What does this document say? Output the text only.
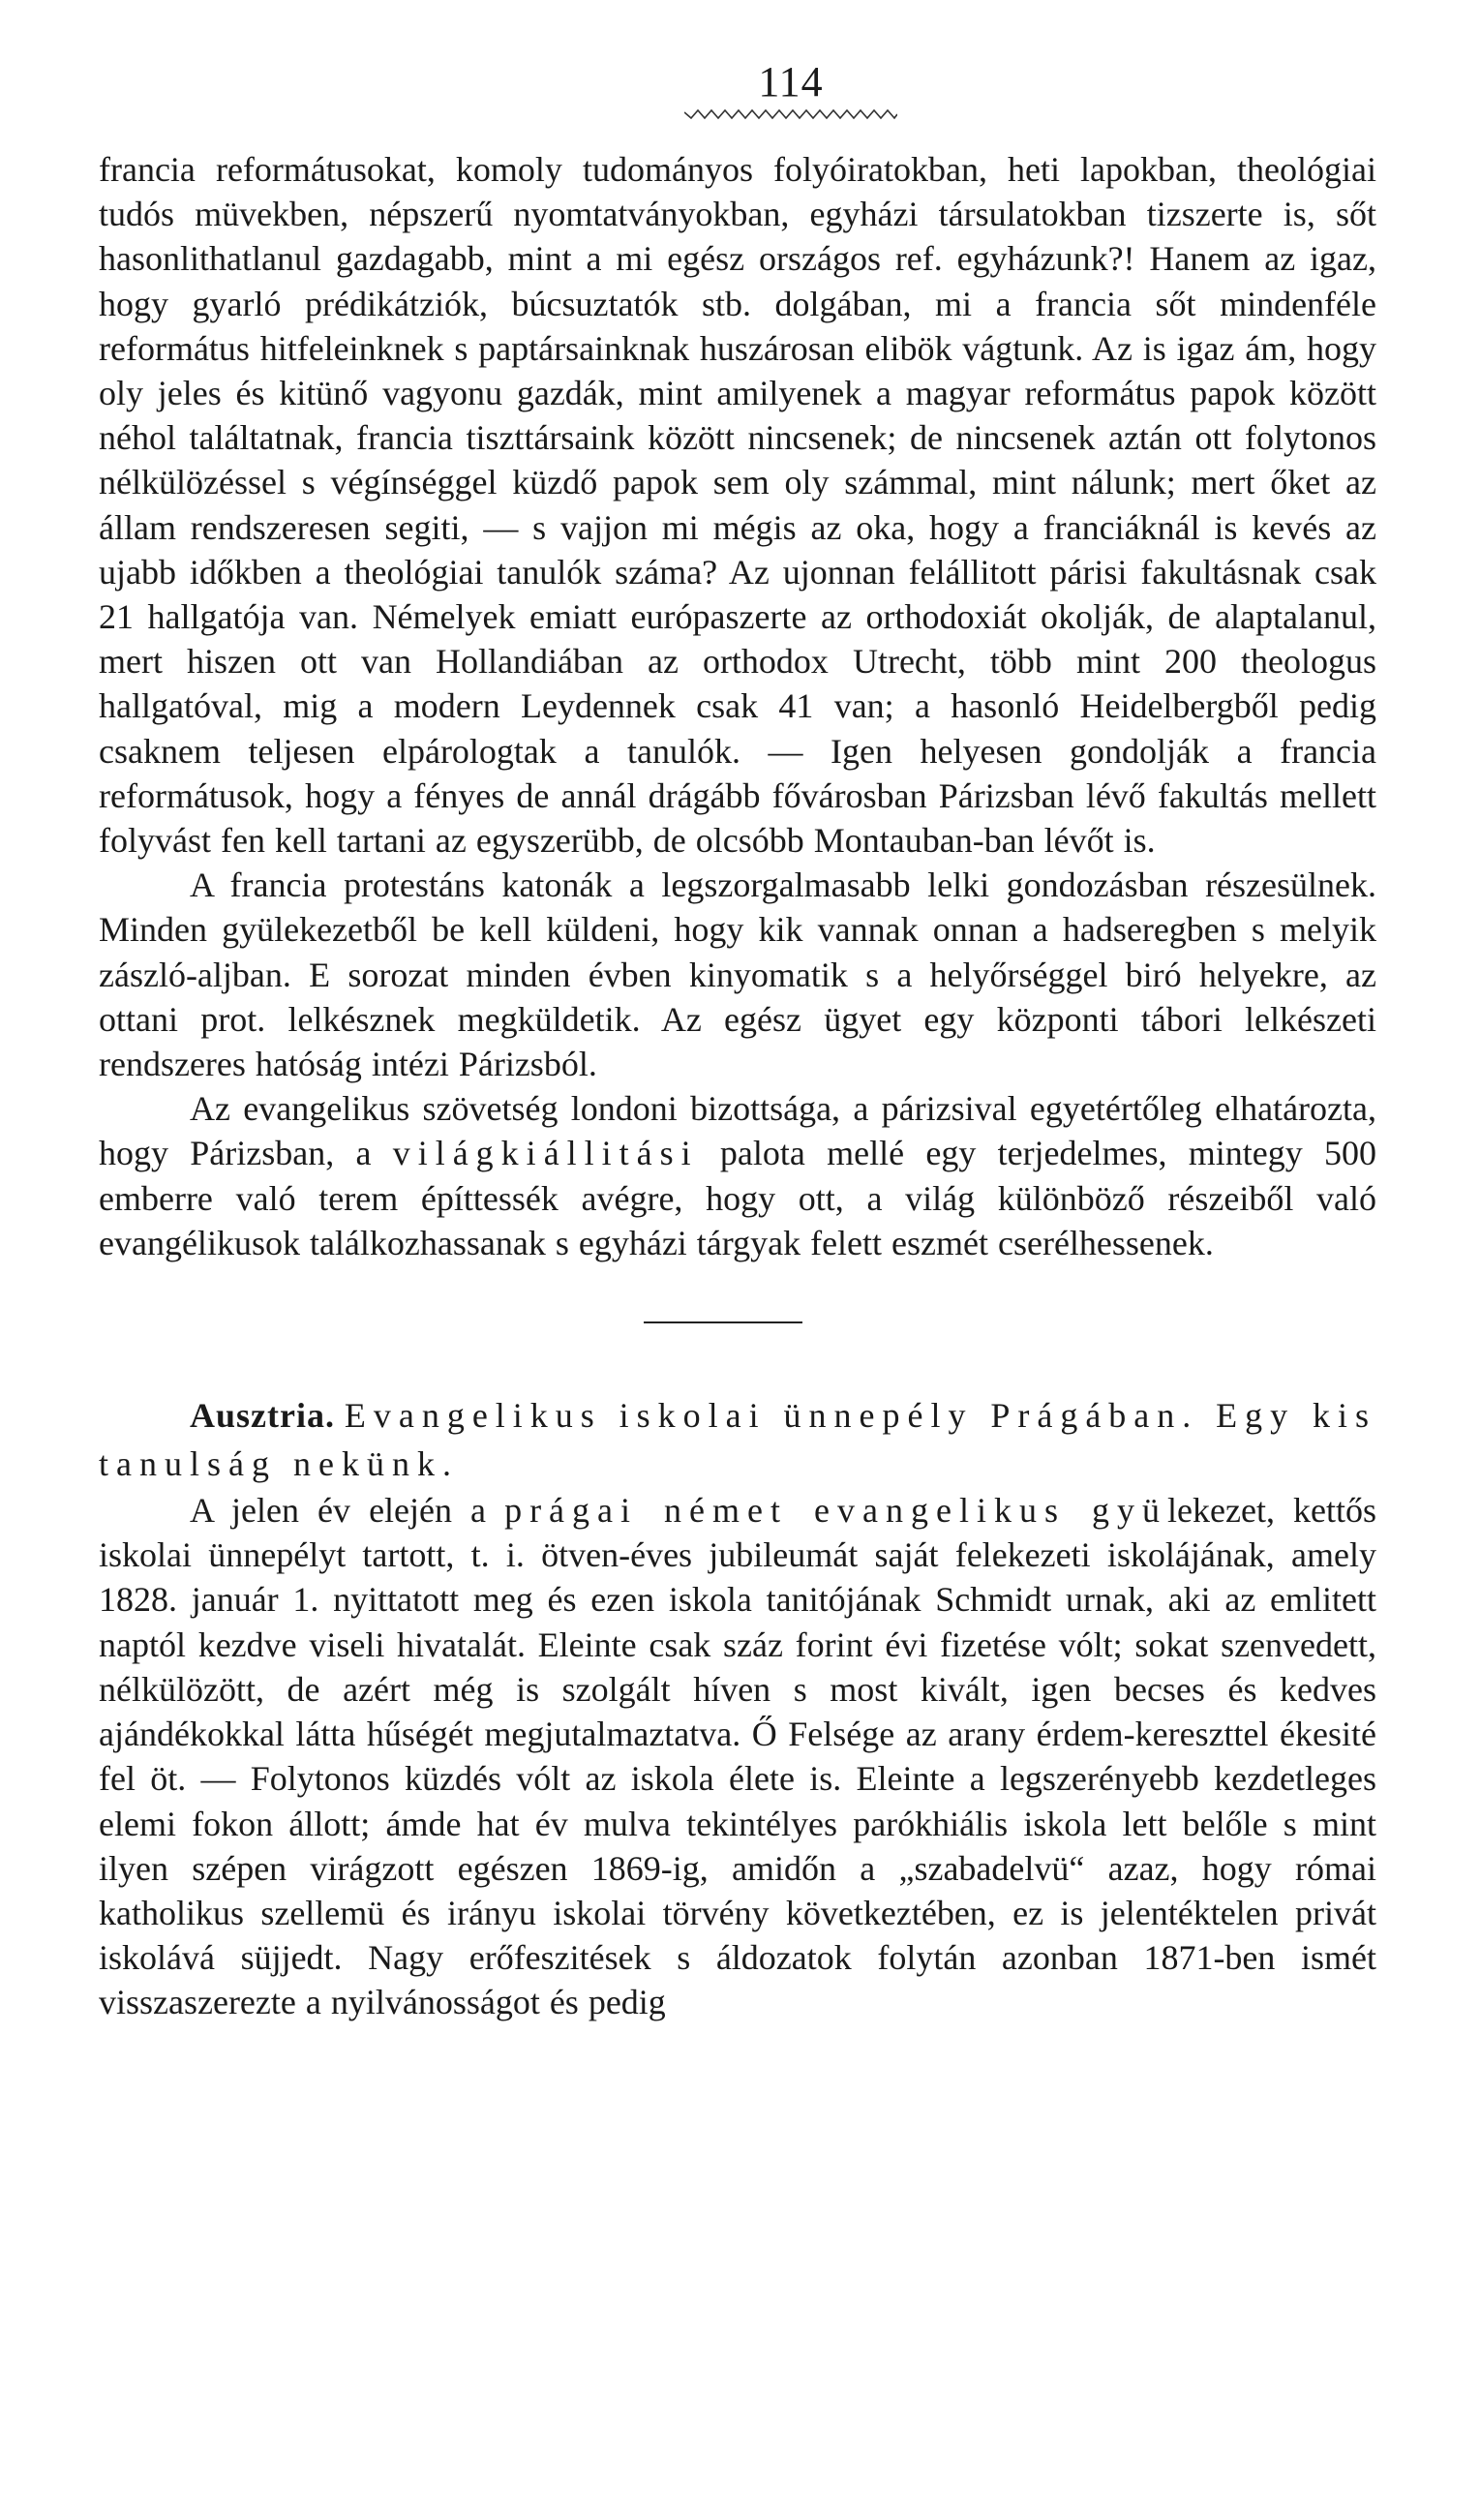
114

francia reformátusokat, komoly tudományos folyóiratokban, heti lapokban, theológiai tudós müvekben, népszerű nyomtatványokban, egyházi társulatokban tizszerte is, sőt hasonlithatlanul gazdagabb, mint a mi egész országos ref. egyházunk?! Hanem az igaz, hogy gyarló prédikátziók, búcsuztatók stb. dolgában, mi a francia sőt mindenféle református hitfeleinknek s paptársainknak huszárosan elibök vágtunk. Az is igaz ám, hogy oly jeles és kitünő vagyonu gazdák, mint amilyenek a magyar református papok között néhol találtatnak, francia tiszttársaink között nincsenek; de nincsenek aztán ott folytonos nélkülözéssel s végínséggel küzdő papok sem oly számmal, mint nálunk; mert őket az állam rendszeresen segiti, — s vajjon mi mégis az oka, hogy a franciáknál is kevés az ujabb időkben a theológiai tanulók száma? Az ujonnan felállitott párisi fakultásnak csak 21 hallgatója van. Némelyek emiatt európaszerte az orthodoxiát okolják, de alaptalanul, mert hiszen ott van Hollandiában az orthodox Utrecht, több mint 200 theologus hallgatóval, mig a modern Leydennek csak 41 van; a hasonló Heidelbergből pedig csaknem teljesen elpárologtak a tanulók. — Igen helyesen gondolják a francia reformátusok, hogy a fényes de annál drágább fővárosban Párizsban lévő fakultás mellett folyvást fen kell tartani az egyszerübb, de olcsóbb Montauban-ban lévőt is.

A francia protestáns katonák a legszorgalmasabb lelki gondozásban részesülnek. Minden gyülekezetből be kell küldeni, hogy kik vannak onnan a hadseregben s melyik zászló-aljban. E sorozat minden évben kinyomatik s a helyőrséggel biró helyekre, az ottani prot. lelkésznek megküldetik. Az egész ügyet egy központi tábori lelkészeti rendszeres hatóság intézi Párizsból.

Az evangelikus szövetség londoni bizottsága, a párizsival egyetértőleg elhatározta, hogy Párizsban, a világkiállitási palota mellé egy terjedelmes, mintegy 500 emberre való terem építtessék avégre, hogy ott, a világ különböző részeiből való evangélikusok találkozhassanak s egyházi tárgyak felett eszmét cserélhessenek.

Ausztria. Evangelikus iskolai ünnepély Prágában. Egy kis tanulság nekünk.

A jelen év elején a prágai német evangelikus gyülekezet, kettős iskolai ünnepélyt tartott, t. i. ötven-éves jubileumát saját felekezeti iskolájának, amely 1828. január 1. nyittatott meg és ezen iskola tanitójának Schmidt urnak, aki az emlitett naptól kezdve viseli hivatalát. Eleinte csak száz forint évi fizetése vólt; sokat szenvedett, nélkülözött, de azért még is szolgált híven s most kivált, igen becses és kedves ajándékokkal látta hűségét megjutalmaztatva. Ő Felsége az arany érdem-kereszttel ékesité fel öt. — Folytonos küzdés vólt az iskola élete is. Eleinte a legszerényebb kezdetleges elemi fokon állott; ámde hat év mulva tekintélyes parókhiális iskola lett belőle s mint ilyen szépen virágzott egészen 1869-ig, amidőn a „szabadelvü“ azaz, hogy római katholikus szellemü és irányu iskolai törvény következtében, ez is jelentéktelen privát iskolává süjjedt. Nagy erőfeszitések s áldozatok folytán azonban 1871-ben ismét visszaszerezte a nyilvánosságot és pedig
